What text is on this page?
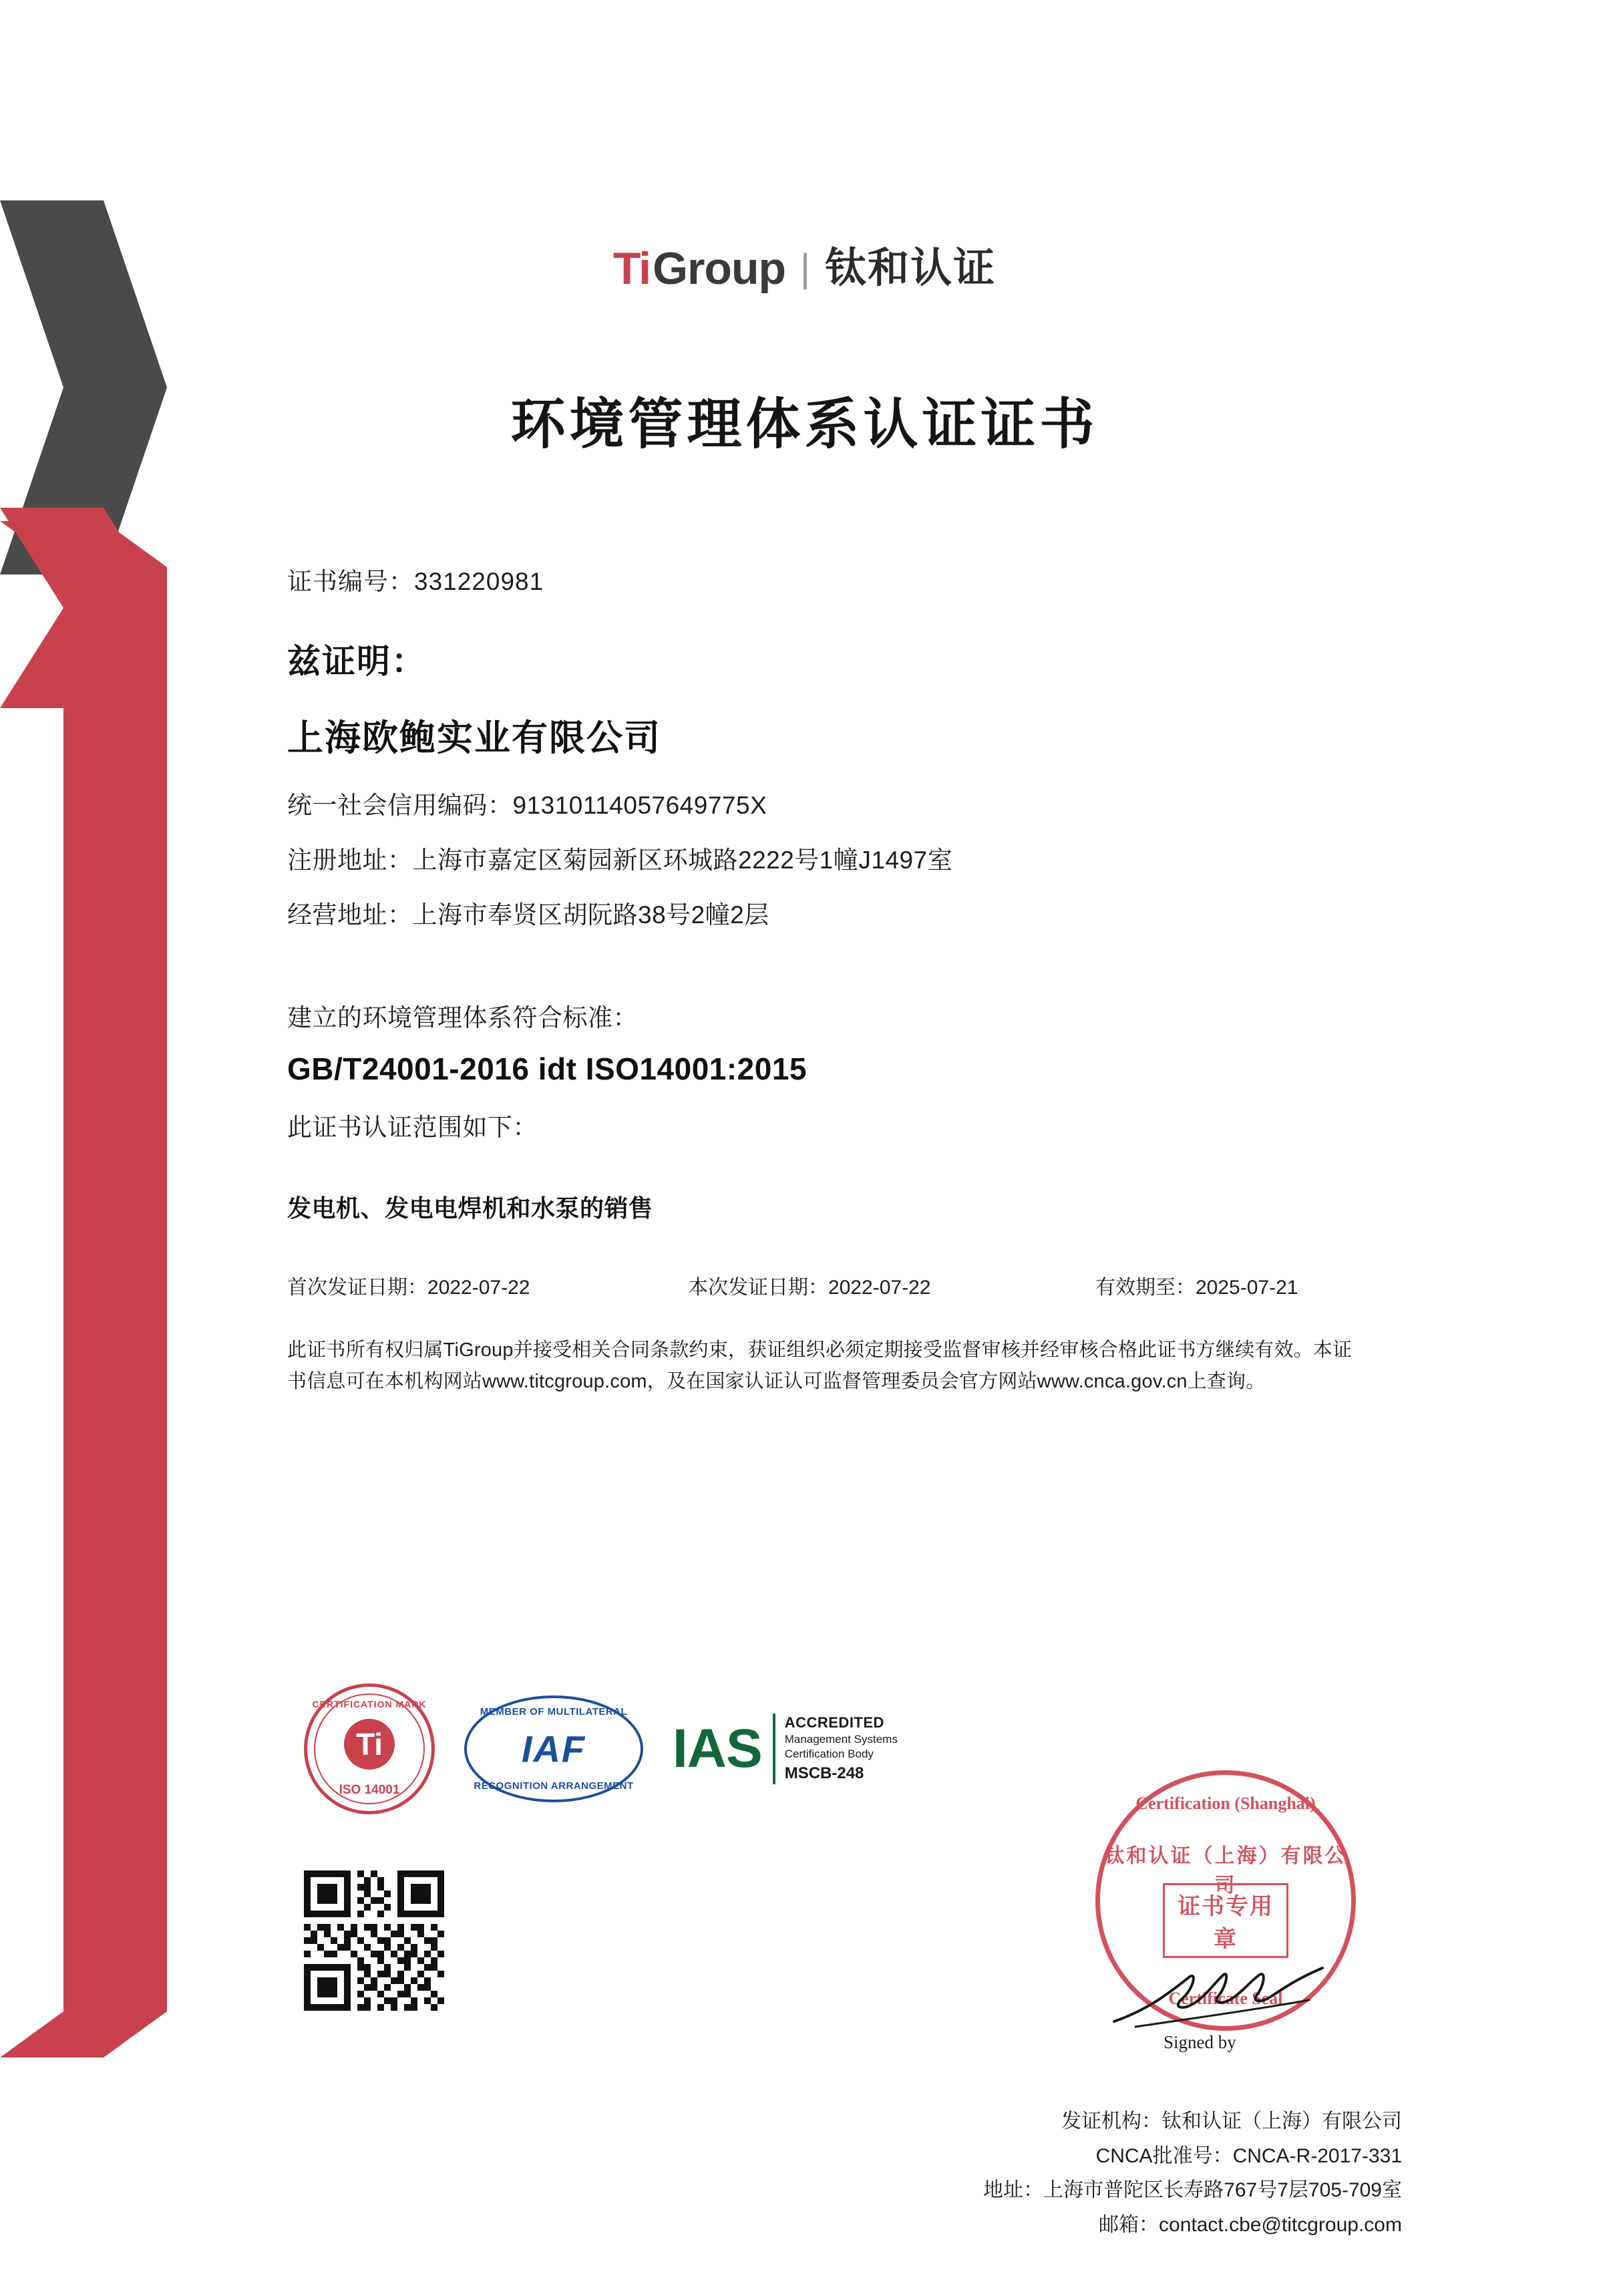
Ti Group | 钛和认证
环境管理体系认证证书
证书编号：331220981
兹证明：
上海欧鲍实业有限公司
统一社会信用编码：91310114057649775X
注册地址：上海市嘉定区菊园新区环城路2222号1幢J1497室
经营地址：上海市奉贤区胡阮路38号2幢2层
建立的环境管理体系符合标准：
GB/T24001-2016 idt ISO14001:2015
此证书认证范围如下：
发电机、发电电焊机和水泵的销售
首次发证日期：2022-07-22	本次发证日期：2022-07-22	有效期至：2025-07-21
此证书所有权归属TiGroup并接受相关合同条款约束，获证组织必须定期接受监督审核并经审核合格此证书方继续有效。本证书信息可在本机构网站www.titcgroup.com，及在国家认证认可监督管理委员会官方网站www.cnca.gov.cn上查询。
CERTIFICATION MARK
Ti
ISO 14001
MEMBER OF MULTILATERAL
IAF
RECOGNITION ARRANGEMENT
IAS ACCREDITED
Management Systems
Certification Body
MSCB-248
Certification (Shanghai)
钛和认证（上海）有限公司
证书专用章
Certificate Seal
Signed by
发证机构：钛和认证（上海）有限公司
CNCA批准号：CNCA-R-2017-331
地址：上海市普陀区长寿路767号7层705-709室
邮箱：contact.cbe@titcgroup.com
